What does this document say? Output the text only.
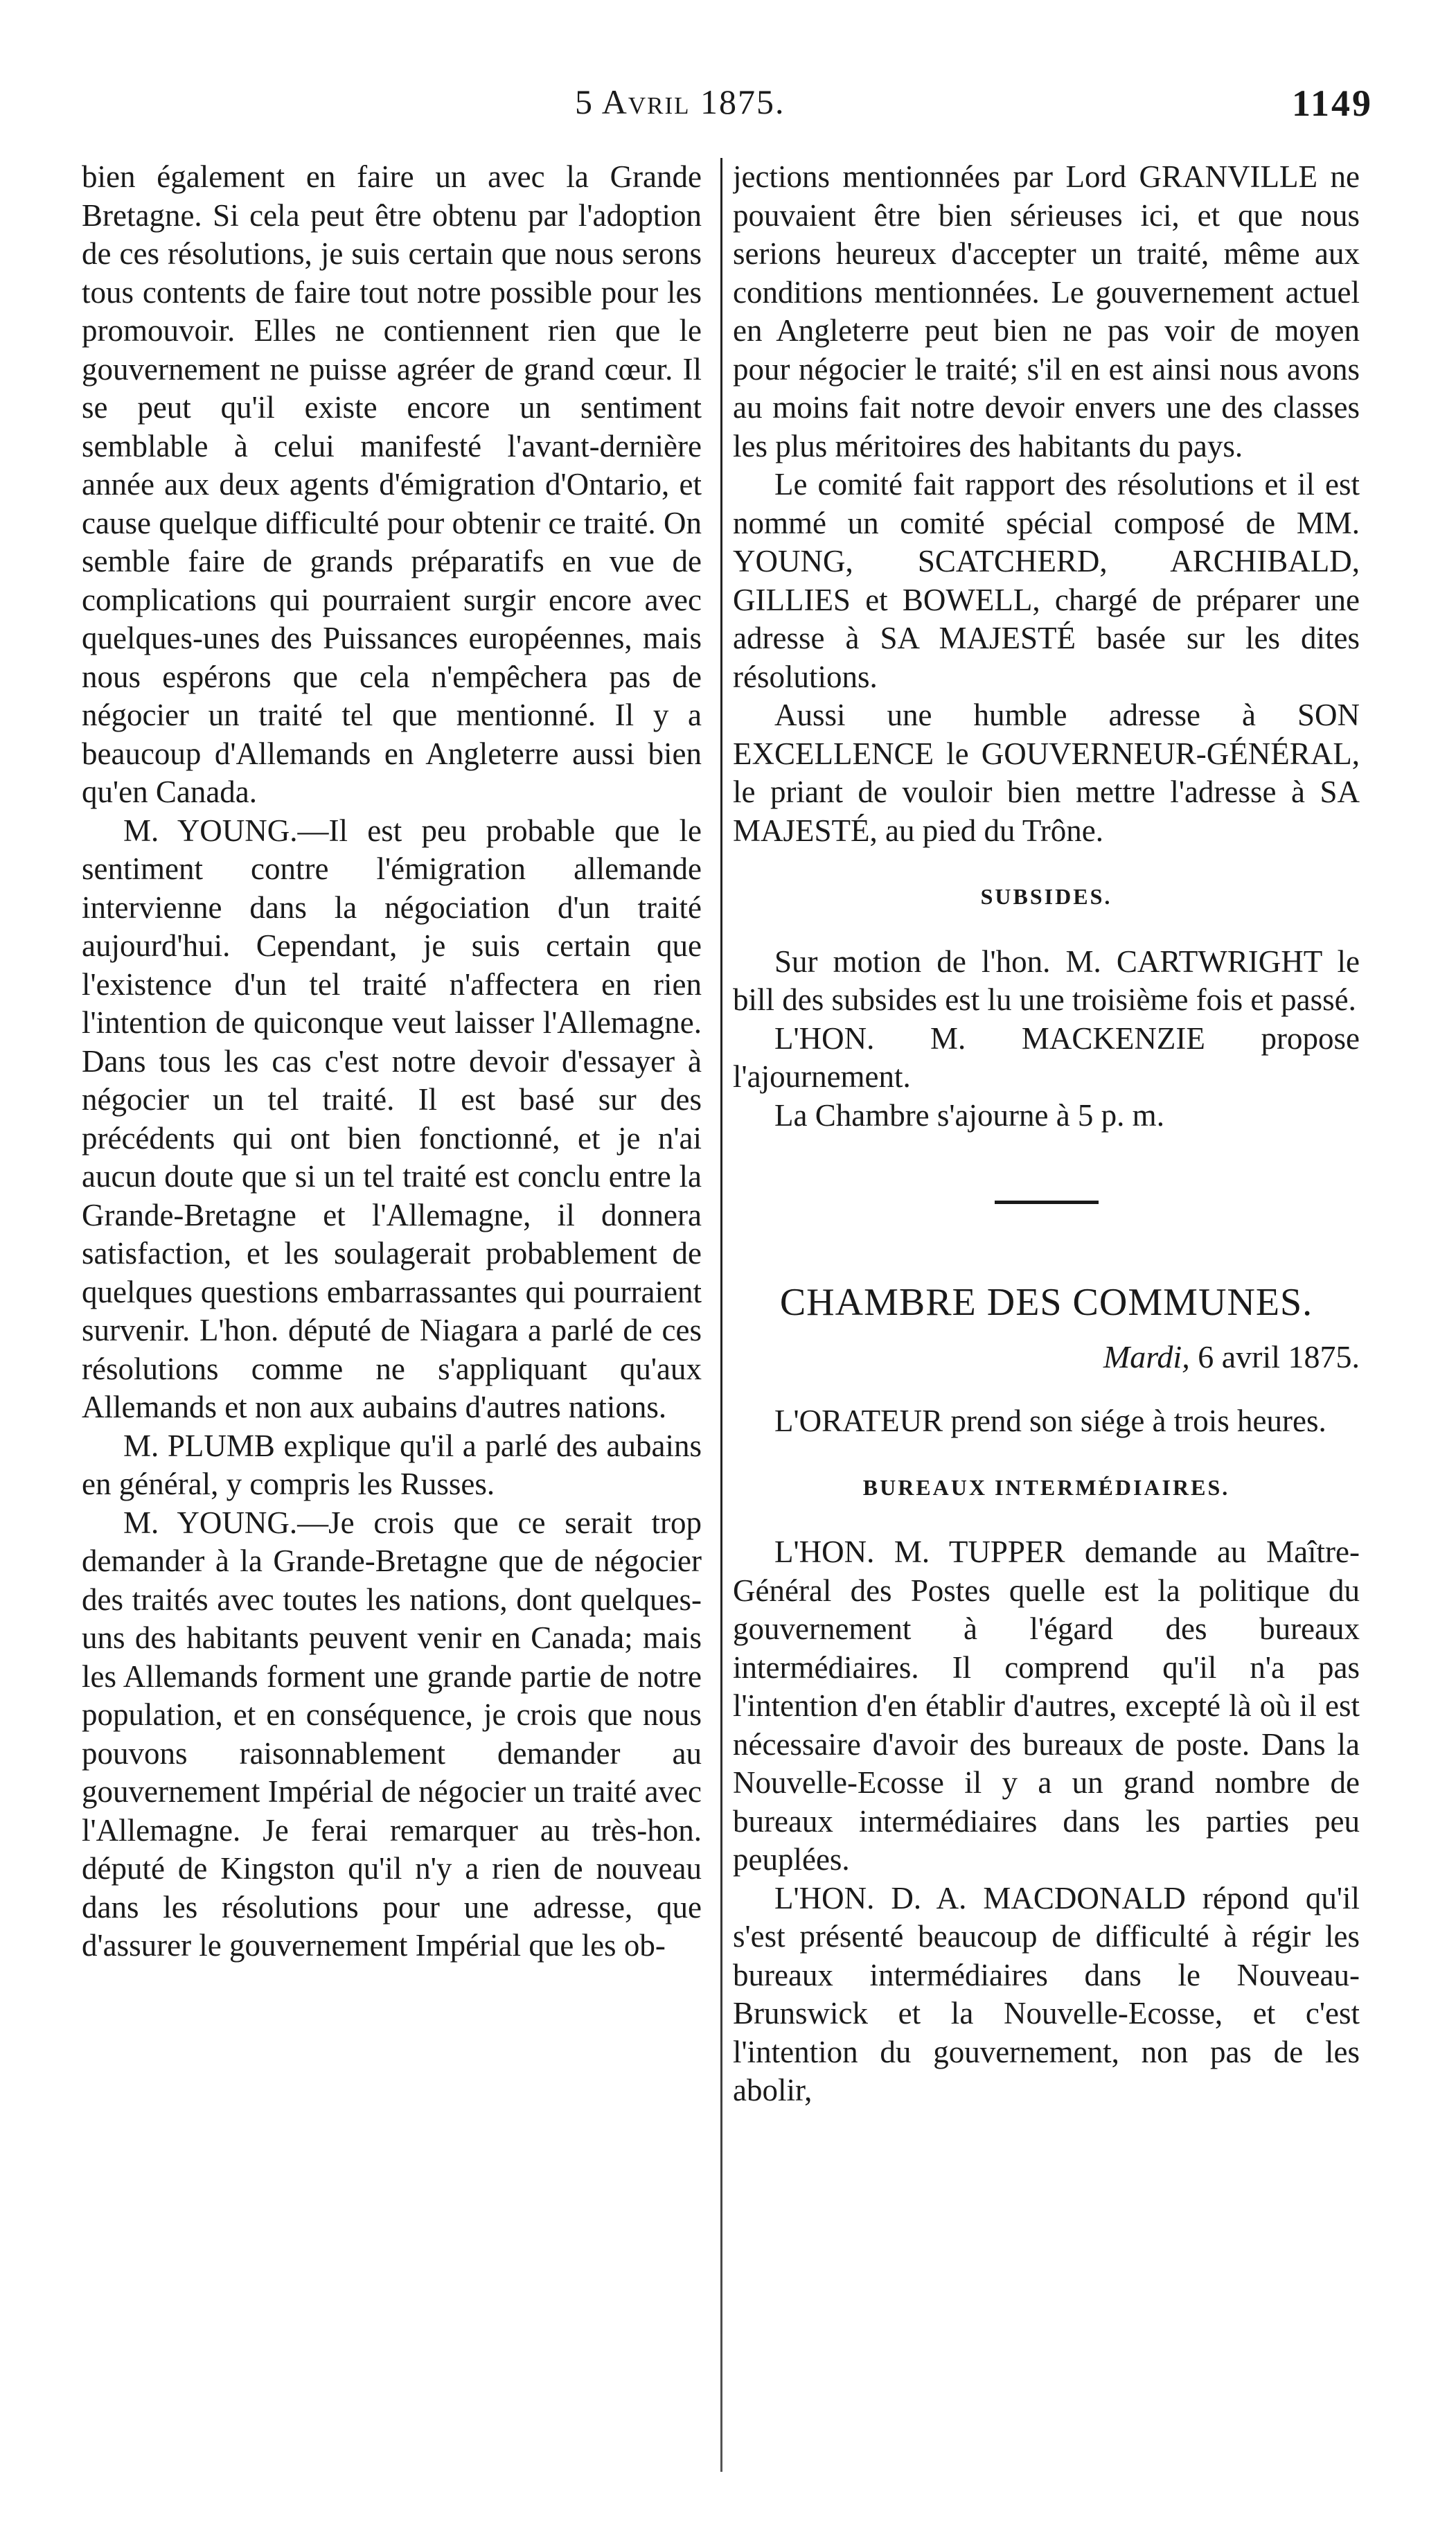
5 Avril 1875.	1149

bien également en faire un avec la Grande Bretagne. Si cela peut être obtenu par l'adoption de ces résolutions, je suis certain que nous serons tous contents de faire tout notre possible pour les promouvoir. Elles ne contiennent rien que le gouvernement ne puisse agréer de grand cœur. Il se peut qu'il existe encore un sentiment semblable à celui manifesté l'avant-dernière année aux deux agents d'émigration d'Ontario, et cause quelque difficulté pour obtenir ce traité. On semble faire de grands préparatifs en vue de complications qui pourraient surgir encore avec quelques-unes des Puissances européennes, mais nous espérons que cela n'empêchera pas de négocier un traité tel que mentionné. Il y a beaucoup d'Allemands en Angleterre aussi bien qu'en Canada.

M. YOUNG.—Il est peu probable que le sentiment contre l'émigration allemande intervienne dans la négociation d'un traité aujourd'hui. Cependant, je suis certain que l'existence d'un tel traité n'affectera en rien l'intention de quiconque veut laisser l'Allemagne. Dans tous les cas c'est notre devoir d'essayer à négocier un tel traité. Il est basé sur des précédents qui ont bien fonctionné, et je n'ai aucun doute que si un tel traité est conclu entre la Grande-Bretagne et l'Allemagne, il donnera satisfaction, et les soulagerait probablement de quelques questions embarrassantes qui pourraient survenir. L'hon. député de Niagara a parlé de ces résolutions comme ne s'appliquant qu'aux Allemands et non aux aubains d'autres nations.

M. PLUMB explique qu'il a parlé des aubains en général, y compris les Russes.

M. YOUNG.—Je crois que ce serait trop demander à la Grande-Bretagne que de négocier des traités avec toutes les nations, dont quelques-uns des habitants peuvent venir en Canada; mais les Allemands forment une grande partie de notre population, et en conséquence, je crois que nous pouvons raisonnablement demander au gouvernement Impérial de négocier un traité avec l'Allemagne. Je ferai remarquer au très-hon. député de Kingston qu'il n'y a rien de nouveau dans les résolutions pour une adresse, que d'assurer le gouvernement Impérial que les ob-

jections mentionnées par Lord GRANVILLE ne pouvaient être bien sérieuses ici, et que nous serions heureux d'accepter un traité, même aux conditions mentionnées. Le gouvernement actuel en Angleterre peut bien ne pas voir de moyen pour négocier le traité; s'il en est ainsi nous avons au moins fait notre devoir envers une des classes les plus méritoires des habitants du pays.

Le comité fait rapport des résolutions et il est nommé un comité spécial composé de MM. YOUNG, SCATCHERD, ARCHIBALD, GILLIES et BOWELL, chargé de préparer une adresse à SA MAJESTÉ basée sur les dites résolutions.

Aussi une humble adresse à SON EXCELLENCE le GOUVERNEUR-GÉNÉRAL, le priant de vouloir bien mettre l'adresse à SA MAJESTÉ, au pied du Trône.

SUBSIDES.

Sur motion de l'hon. M. CARTWRIGHT le bill des subsides est lu une troisième fois et passé.

L'HON. M. MACKENZIE propose l'ajournement.

La Chambre s'ajourne à 5 p. m.

CHAMBRE DES COMMUNES.
Mardi, 6 avril 1875.

L'ORATEUR prend son siége à trois heures.

BUREAUX INTERMÉDIAIRES.

L'HON. M. TUPPER demande au Maître-Général des Postes quelle est la politique du gouvernement à l'égard des bureaux intermédiaires. Il comprend qu'il n'a pas l'intention d'en établir d'autres, excepté là où il est nécessaire d'avoir des bureaux de poste. Dans la Nouvelle-Ecosse il y a un grand nombre de bureaux intermédiaires dans les parties peu peuplées.

L'HON. D. A. MACDONALD répond qu'il s'est présenté beaucoup de difficulté à régir les bureaux intermédiaires dans le Nouveau-Brunswick et la Nouvelle-Ecosse, et c'est l'intention du gouvernement, non pas de les abolir,
